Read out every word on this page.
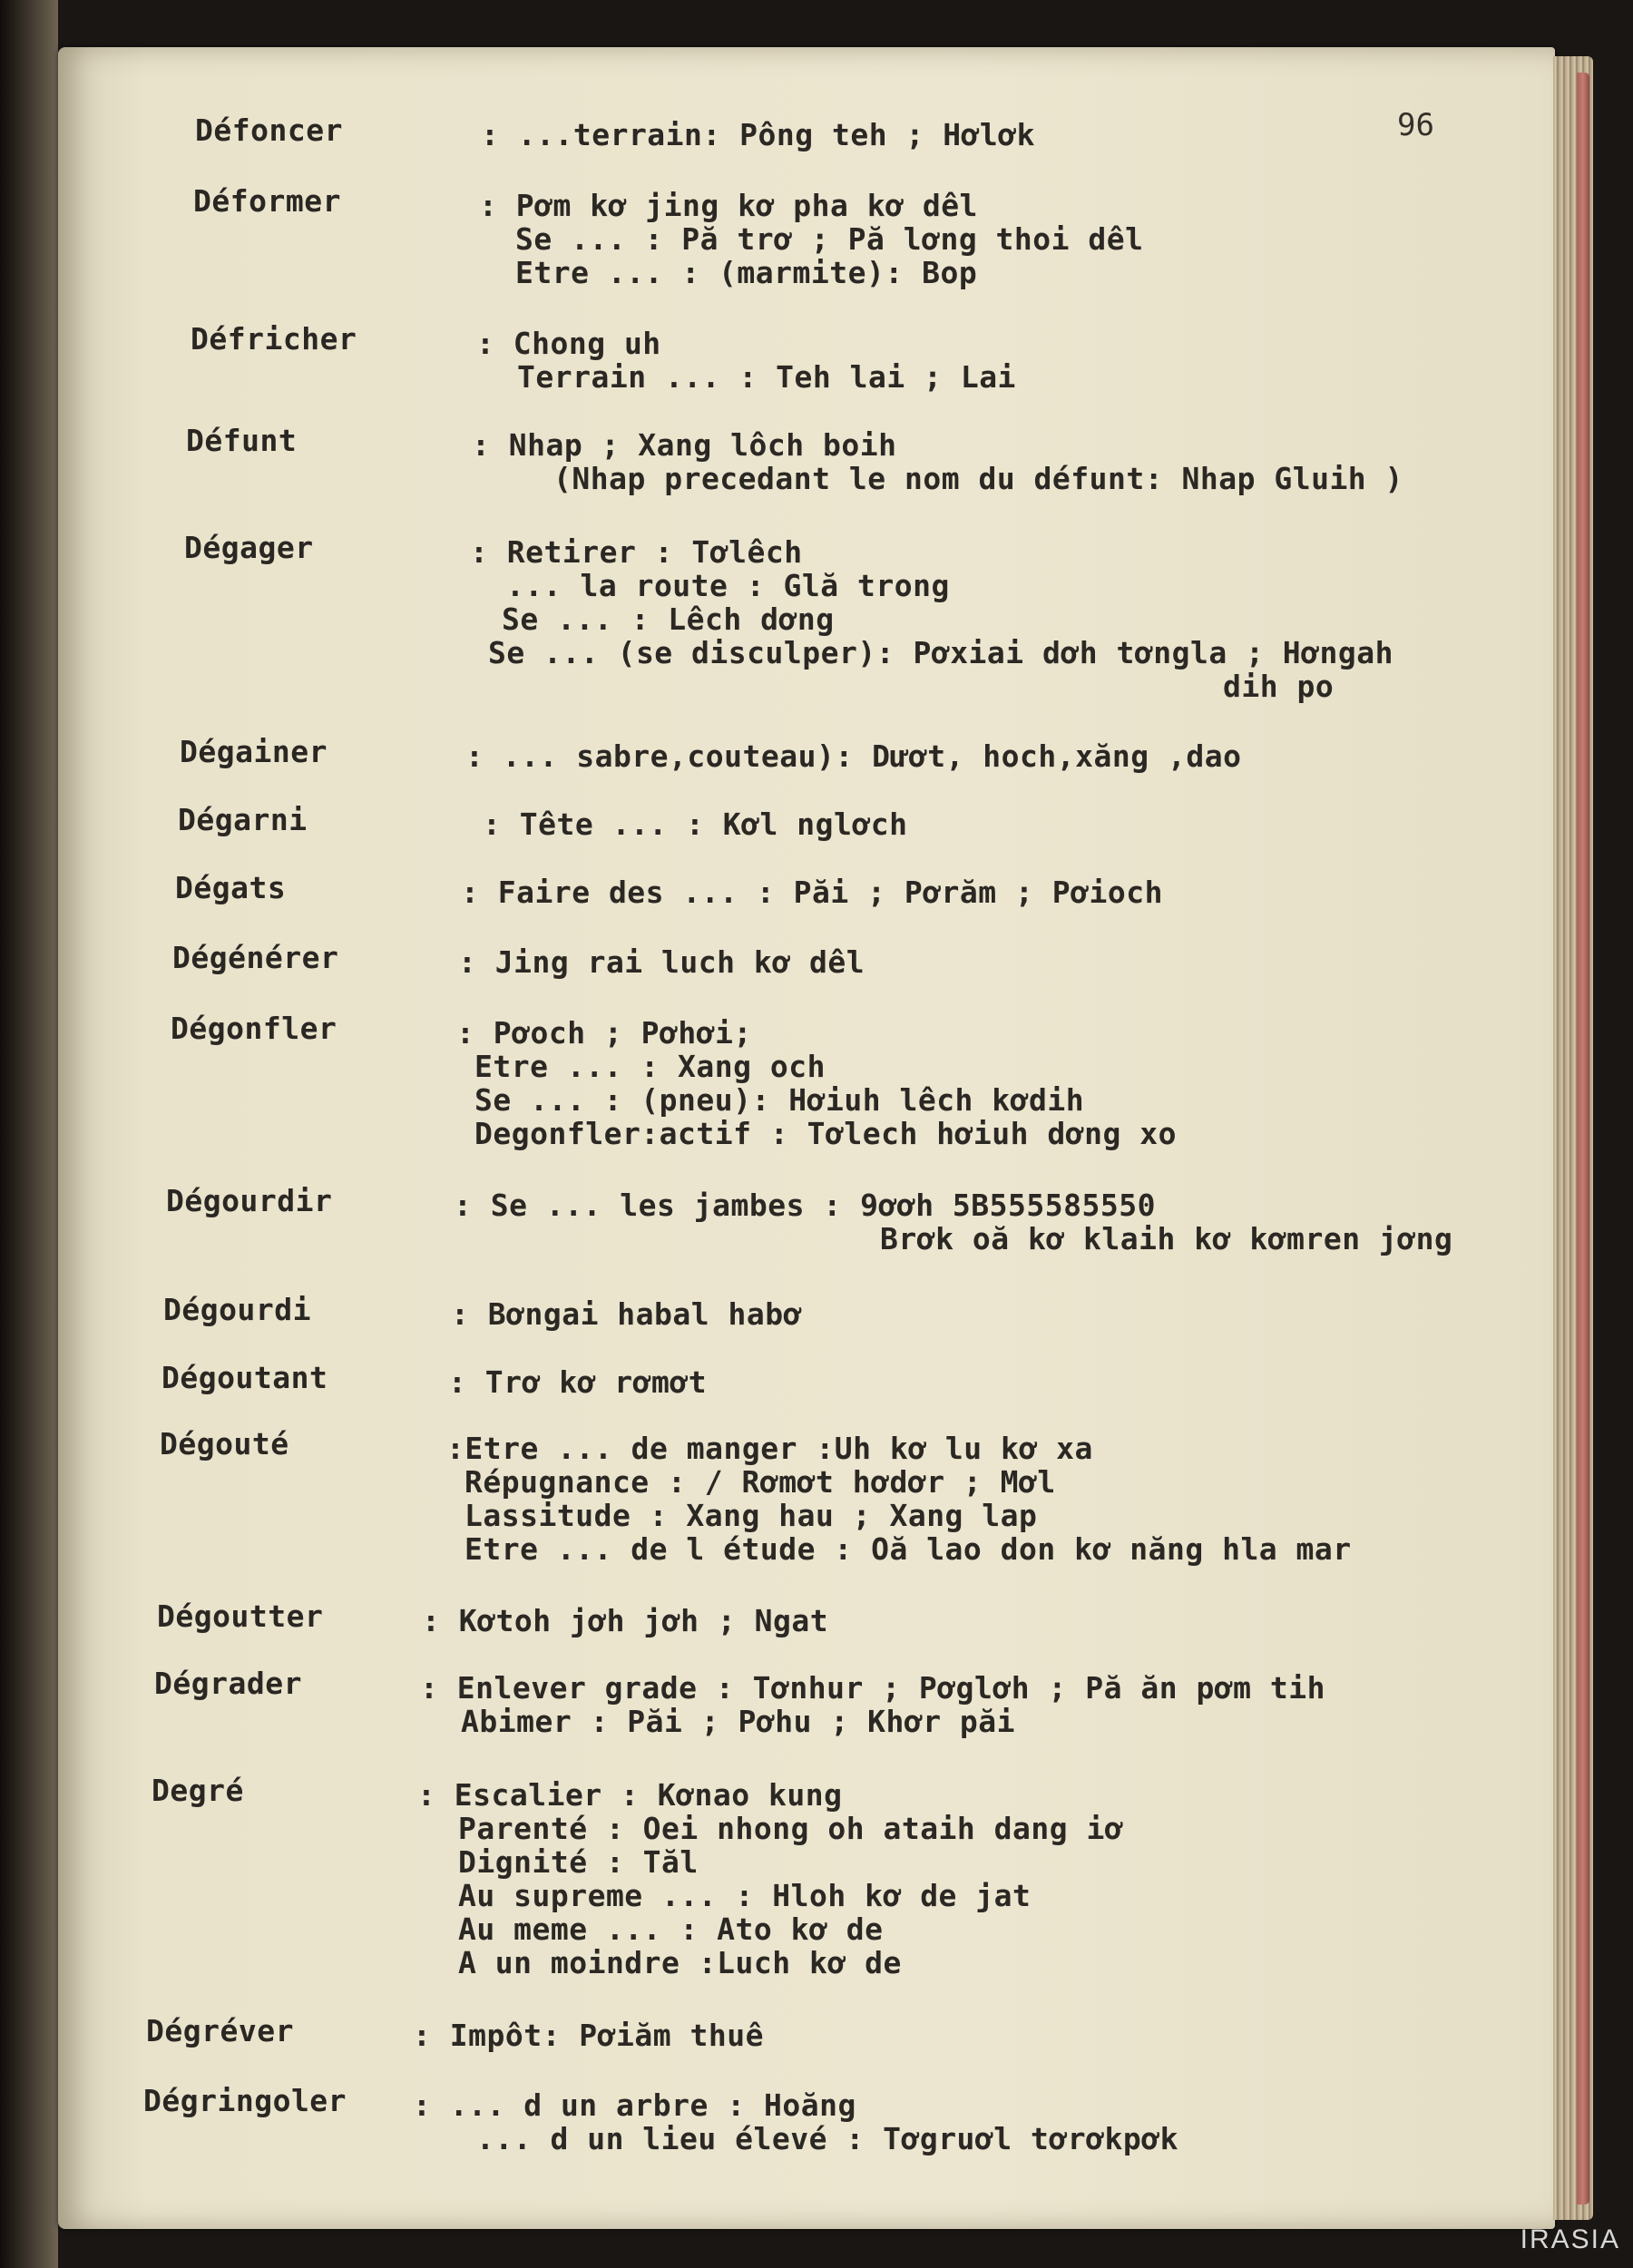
96
Défoncer	: ...terrain: Pông teh ; Hơlơk
Déformer	: Pơm kơ jing kơ pha kơ dêl
Se ... : Pă trơ ; Pă lơng thoi dêl
Etre ... : (marmite): Bop
Défricher	: Chong uh
Terrain ... : Teh lai ; Lai
Défunt	: Nhap ; Xang lôch boih
(Nhap precedant le nom du défunt: Nhap Gluih )
Dégager	: Retirer : Tơlêch
... la route : Glă trong
Se ... : Lêch dơng
Se ... (se disculper): Pơxiai dơh tơngla ; Hơngah
dih po
Dégainer	: ... sabre,couteau): Dươt, hoch,xăng ,dao
Dégarni	: Tête ... : Kơl nglơch
Dégats	: Faire des ... : Păi ; Pơrăm ; Pơioch
Dégénérer	: Jing rai luch kơ dêl
Dégonfler	: Pơoch ; Pơhơi;
Etre ... : Xang och
Se ... : (pneu): Hơiuh lêch kơdih
Degonfler:actif : Tơlech hơiuh dơng xo
Dégourdir	: Se ... les jambes : 9ơơh 5B555585550
Brơk oă kơ klaih kơ kơmren jơng
Dégourdi	: Bơngai habal habơ
Dégoutant	: Trơ kơ rơmơt
Dégouté	:Etre ... de manger :Uh kơ lu kơ xa
Répugnance : / Rơmơt hơdơr ; Mơl
Lassitude : Xang hau ; Xang lap
Etre ... de l étude : Oă lao don kơ năng hla mar
Dégoutter	: Kơtoh jơh jơh ; Ngat
Dégrader	: Enlever grade : Tơnhur ; Pơglơh ; Pă ăn pơm tih
Abimer : Păi ; Pơhu ; Khơr păi
Degré	: Escalier : Kơnao kung
Parenté : Oei nhong oh ataih dang iơ
Dignité : Tăl
Au supreme ... : Hloh kơ de jat
Au meme ... : Ato kơ de
A un moindre :Luch kơ de
Dégréver	: Impôt: Pơiăm thuê
Dégringoler : ... d un arbre : Hoăng
... d un lieu élevé : Tơgruơl tơrơkpơk
IRASIA
